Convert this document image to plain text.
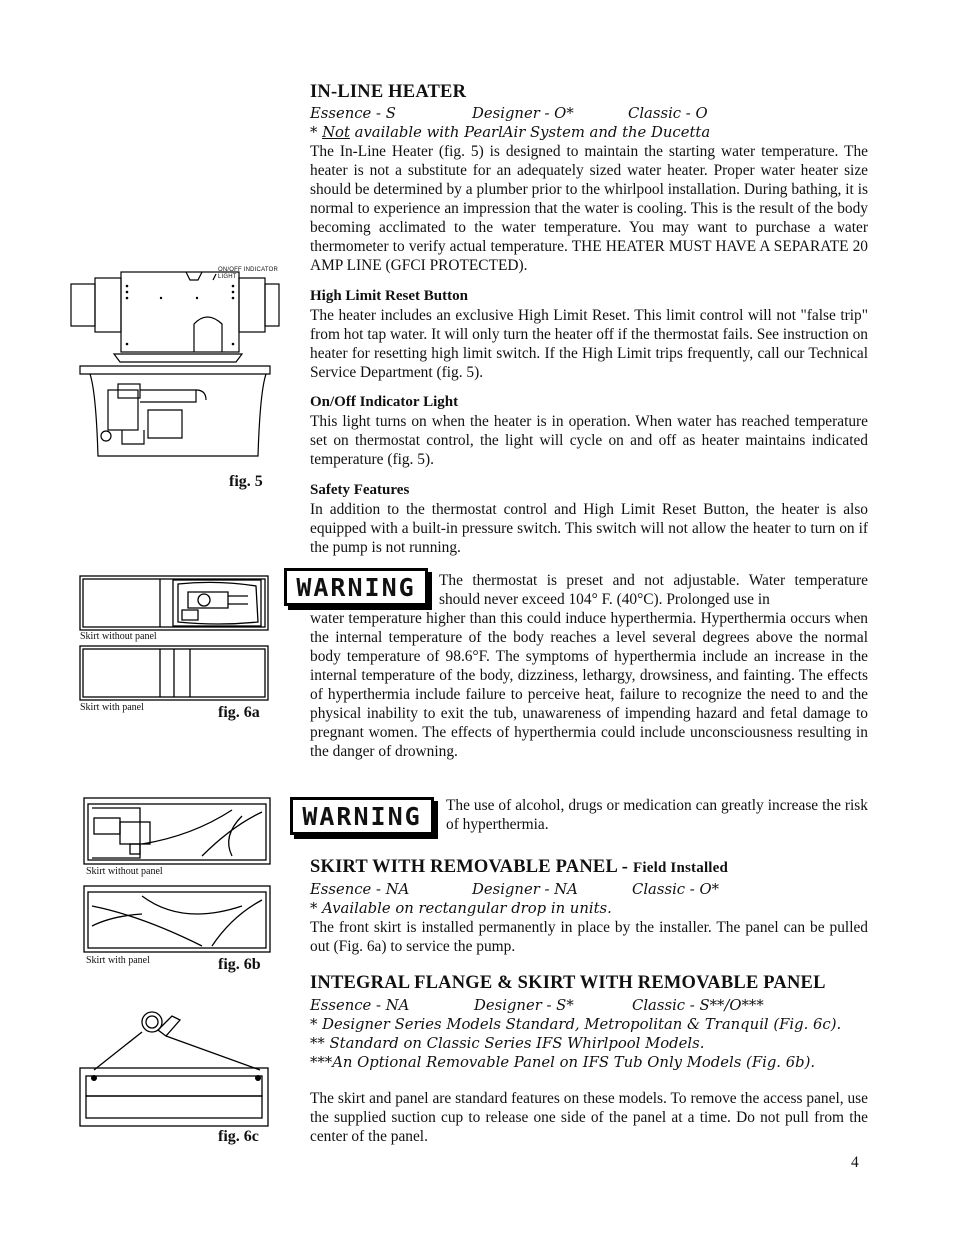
IN-LINE HEATER
Essence - S	Designer - O*	Classic - O
* Not available with PearlAir System and the Ducetta
The In-Line Heater (fig. 5) is designed to maintain the starting water temperature. The heater is not a substitute for an adequately sized water heater. Proper water heater size should be determined by a plumber prior to the whirlpool installation. During bathing, it is normal to experience an impression that the water is cooling. This is the result of the body becoming acclimated to the water temperature. You may want to purchase a water thermometer to verify actual temperature. THE HEATER MUST HAVE A SEPARATE 20 AMP LINE (GFCI PROTECTED).
High Limit Reset Button
The heater includes an exclusive High Limit Reset. This limit control will not "false trip" from hot tap water. It will only turn the heater off if the thermostat fails. See instruction on heater for resetting high limit switch. If the High Limit trips frequently, call our Technical Service Department (fig. 5).
On/Off Indicator Light
This light turns on when the heater is in operation. When water has reached temperature set on thermostat control, the light will cycle on and off as heater maintains indicated temperature (fig. 5).
Safety Features
In addition to the thermostat control and High Limit Reset Button, the heater is also equipped with a built-in pressure switch. This switch will not allow the heater to turn on if the pump is not running.
WARNING	The thermostat is preset and not adjustable. Water temperature should never exceed 104° F. (40°C). Prolonged use in
water temperature higher than this could induce hyperthermia. Hyperthermia occurs when the internal temperature of the body reaches a level several degrees above the normal body temperature of 98.6°F. The symptoms of hyperthermia include an increase in the internal temperature of the body, dizziness, lethargy, drowsiness, and fainting. The effects of hyperthermia include failure to perceive heat, failure to recognize the need to and the physical inability to exit the tub, unawareness of impending hazard and fetal damage to pregnant women. The effects of hyperthermia could include unconsciousness resulting in the danger of drowning.
WARNING	The use of alcohol, drugs or medication can greatly increase the risk of hyperthermia.
SKIRT WITH REMOVABLE PANEL - Field Installed
Essence - NA	Designer - NA	Classic - O*
* Available on rectangular drop in units.
The front skirt is installed permanently in place by the installer. The panel can be pulled out (Fig. 6a) to service the pump.
INTEGRAL FLANGE & SKIRT WITH REMOVABLE PANEL
Essence - NA	Designer - S*	Classic - S**/O***
* Designer Series Models Standard, Metropolitan & Tranquil (Fig. 6c).
** Standard on Classic Series IFS Whirlpool Models.
***An Optional Removable Panel on IFS Tub Only Models (Fig. 6b).
The skirt and panel are standard features on these models. To remove the access panel, use the supplied suction cup to release one side of the panel at a time. Do not pull from the center of the panel.
4
ON/OFF INDICATOR LIGHT
fig. 5
Skirt without panel
Skirt with panel	fig. 6a
Skirt without panel
Skirt with panel	fig. 6b
fig. 6c
